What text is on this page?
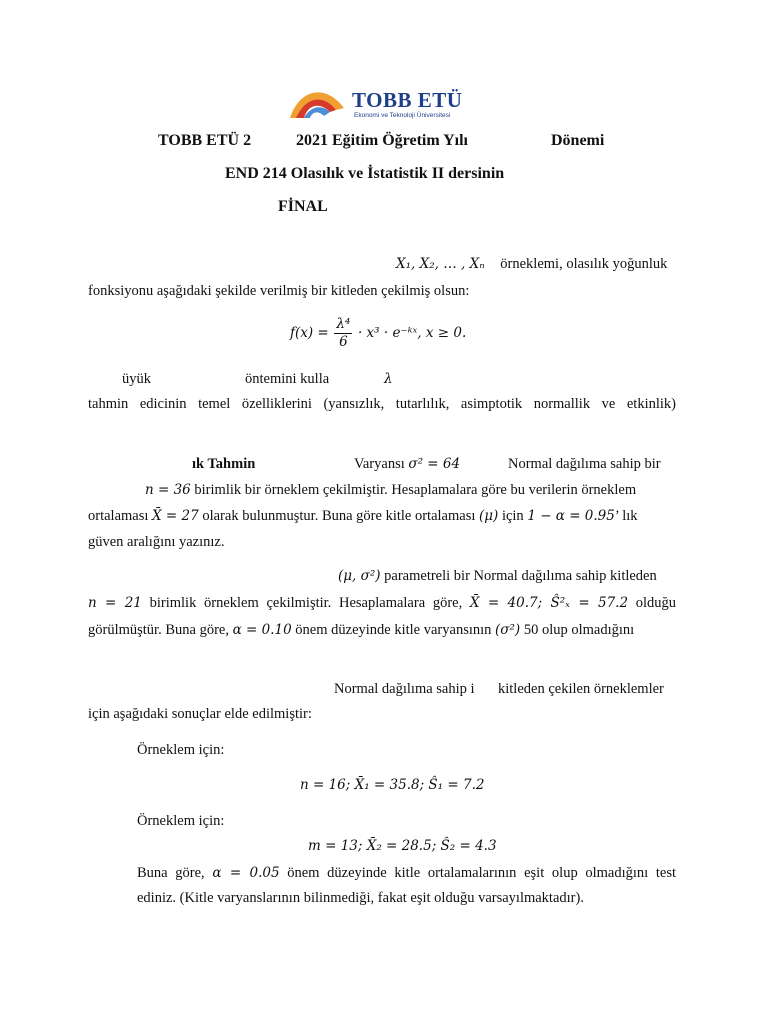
TOBB ETÜ
Ekonomi ve Teknoloji Üniversitesi
TOBB ETÜ 2	2021 Eğitim Öğretim Yılı	Dönemi
END 214 Olasılık ve İstatistik II dersinin
FİNAL
X₁, X₂, … , Xₙ örneklemi, olasılık yoğunluk
fonksiyonu aşağıdaki şekilde verilmiş bir kitleden çekilmiş olsun:
$f(x) = \frac{\text{λ⁴}}{6} \cdot x^3$ · e⁻ᵏˣ, x ≥ 0.
üyük	öntemini kulla	λ
tahmin edicinin temel özelliklerini (yansızlık, tutarlılık, asimptotik normallik ve etkinlik)
ık Tahmin	Varyansı σ² = 64	Normal dağılıma sahip bir
n = 36 birimlik bir örneklem çekilmiştir. Hesaplamalara göre bu verilerin örneklem
ortalaması X̄ = 27 olarak bulunmuştur. Buna göre kitle ortalaması (μ) için 1 − α = 0.95’ lık
güven aralığını yazınız.
(μ, σ²) parametreli bir Normal dağılıma sahip kitleden
n = 21 birimlik örneklem çekilmiştir. Hesaplamalara göre, X̄ = 40.7; Ŝ²ₓ = 57.2 olduğu
görülmüştür. Buna göre, α = 0.10 önem düzeyinde kitle varyansının (σ²) 50 olup olmadığını
Normal dağılıma sahip i kitleden çekilen örneklemler
için aşağıdaki sonuçlar elde edilmiştir:
Örneklem için:
n = 16; X̄₁ = 35.8; Ŝ₁ = 7.2
Örneklem için:
m = 13; X̄₂ = 28.5; Ŝ₂ = 4.3
Buna göre, α = 0.05 önem düzeyinde kitle ortalamalarının eşit olup olmadığını test
ediniz. (Kitle varyanslarının bilinmediği, fakat eşit olduğu varsayılmaktadır).
